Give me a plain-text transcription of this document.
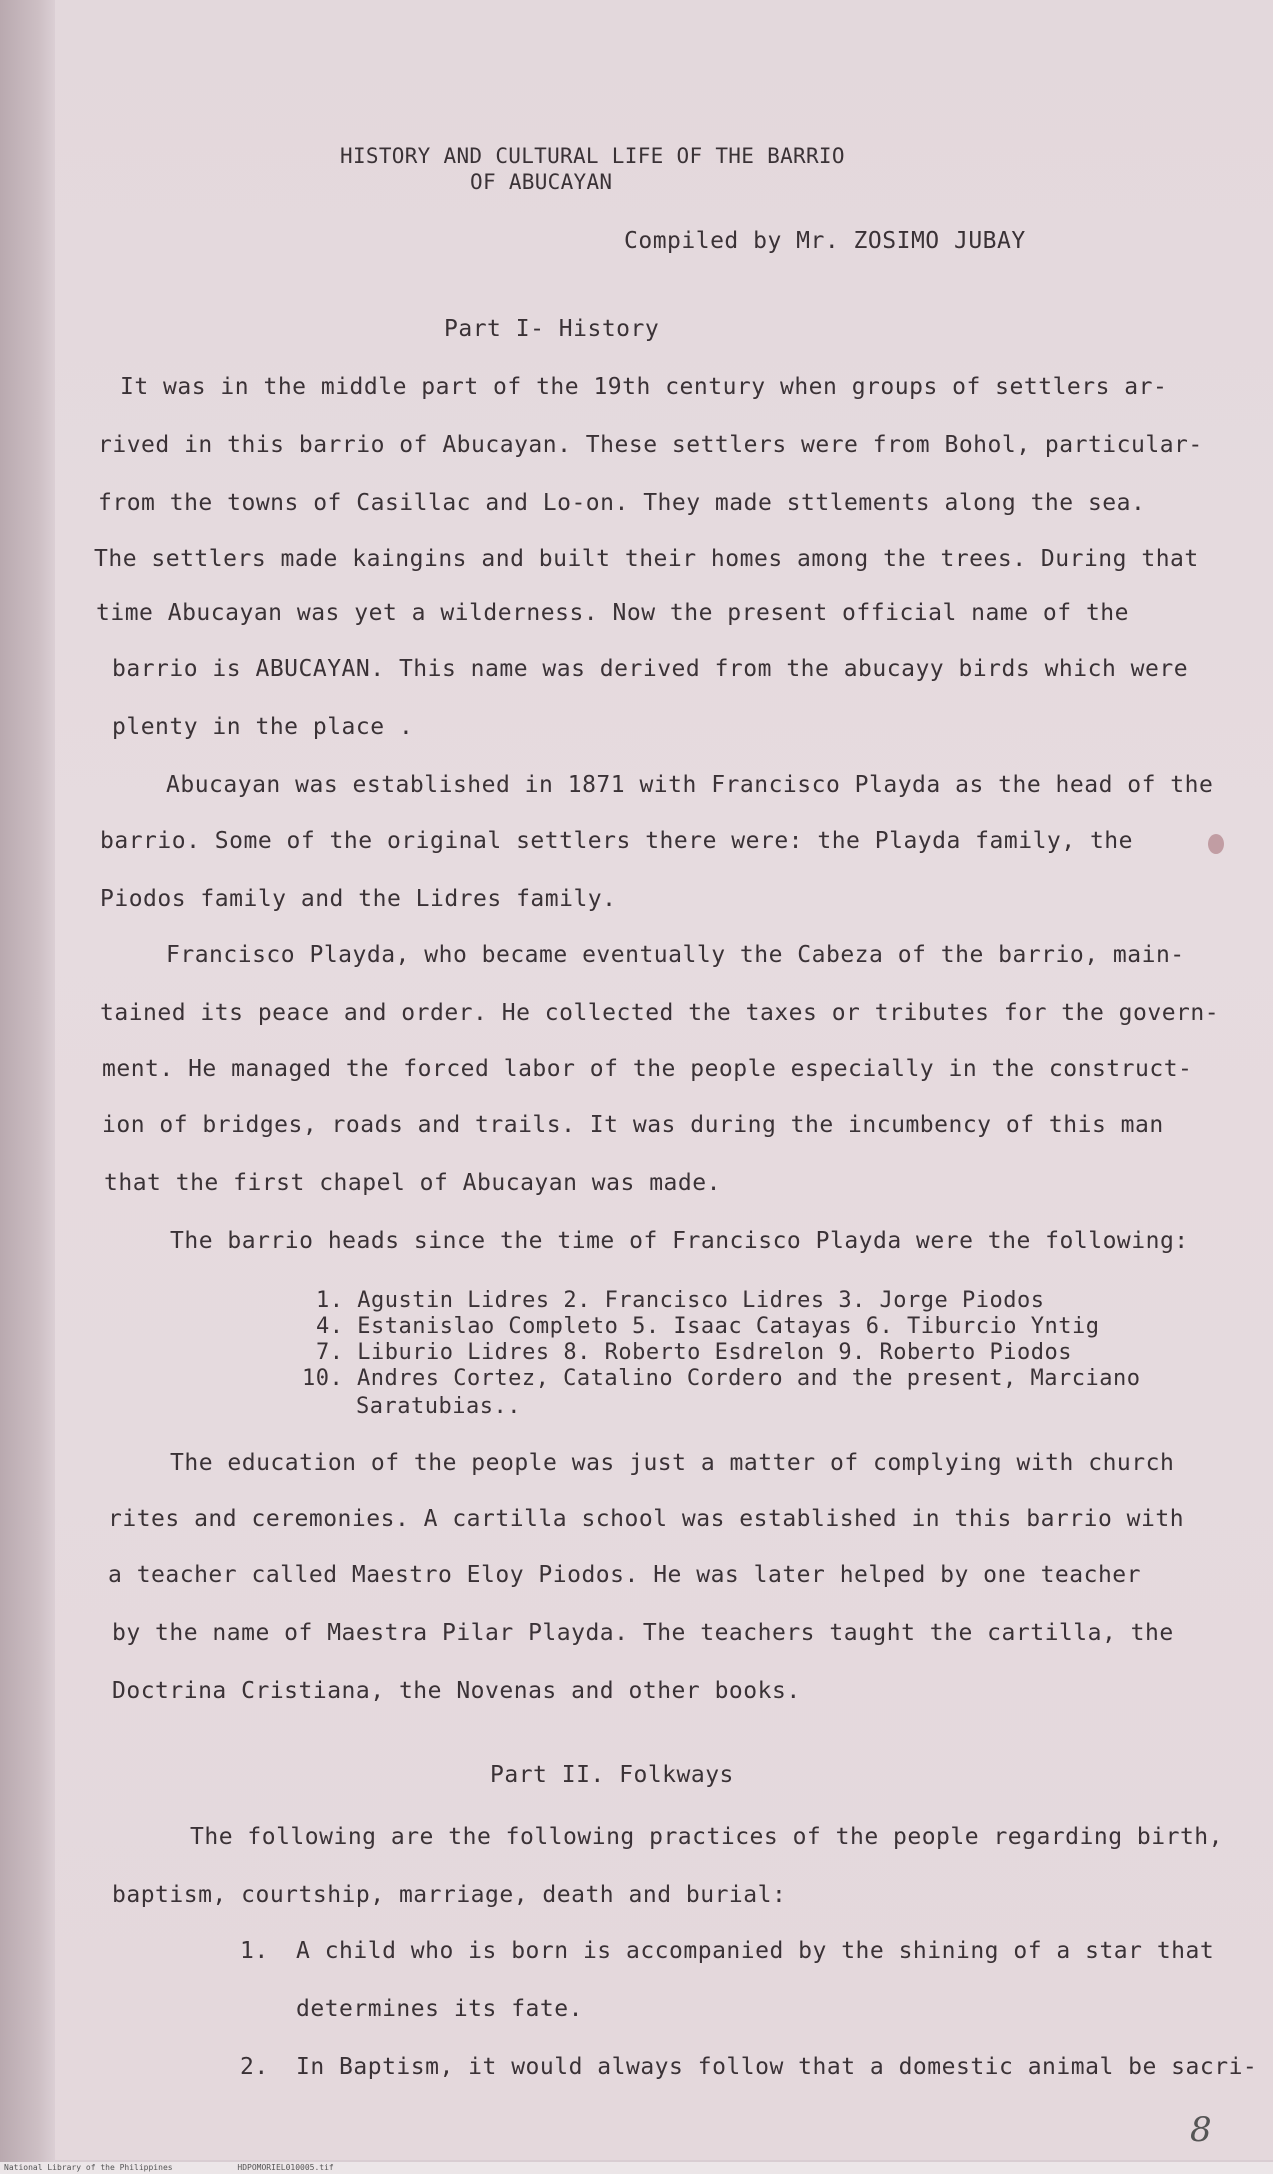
HISTORY AND CULTURAL LIFE OF THE BARRIO
OF ABUCAYAN
Compiled by Mr. ZOSIMO JUBAY
Part I- History
It was in the middle part of the 19th century when groups of settlers ar-
rived in this barrio of Abucayan. These settlers were from Bohol, particular-
from the towns of Casillac and Lo-on. They made sttlements along the sea.
The settlers made kaingins and built their homes among the trees. During that
time Abucayan was yet a wilderness. Now the present official name of the
barrio is ABUCAYAN. This name was derived from the abucayy birds which were
plenty in the place .
Abucayan was established in 1871 with Francisco Playda as the head of the
barrio. Some of the original settlers there were: the Playda family, the
Piodos family and the Lidres family.
Francisco Playda, who became eventually the Cabeza of the barrio, main-
tained its peace and order. He collected the taxes or tributes for the govern-
ment. He managed the forced labor of the people especially in the construct-
ion of bridges, roads and trails. It was during the incumbency of this man
that the first chapel of Abucayan was made.
The barrio heads since the time of Francisco Playda were the following:
1. Agustin Lidres 2. Francisco Lidres 3. Jorge Piodos
4. Estanislao Completo 5. Isaac Catayas 6. Tiburcio Yntig
7. Liburio Lidres 8. Roberto Esdrelon 9. Roberto Piodos
10. Andres Cortez, Catalino Cordero and the present, Marciano
Saratubias..
The education of the people was just a matter of complying with church
rites and ceremonies. A cartilla school was established in this barrio with
a teacher called Maestro Eloy Piodos. He was later helped by one teacher
by the name of Maestra Pilar Playda. The teachers taught the cartilla, the
Doctrina Cristiana, the Novenas and other books.
Part II. Folkways
The following are the following practices of the people regarding birth,
baptism, courtship, marriage, death and burial:
1. A child who is born is accompanied by the shining of a star that
determines its fate.
2. In Baptism, it would always follow that a domestic animal be sacri-
8
National Library of the Philippines	HDPOMORIEL010005.tif
